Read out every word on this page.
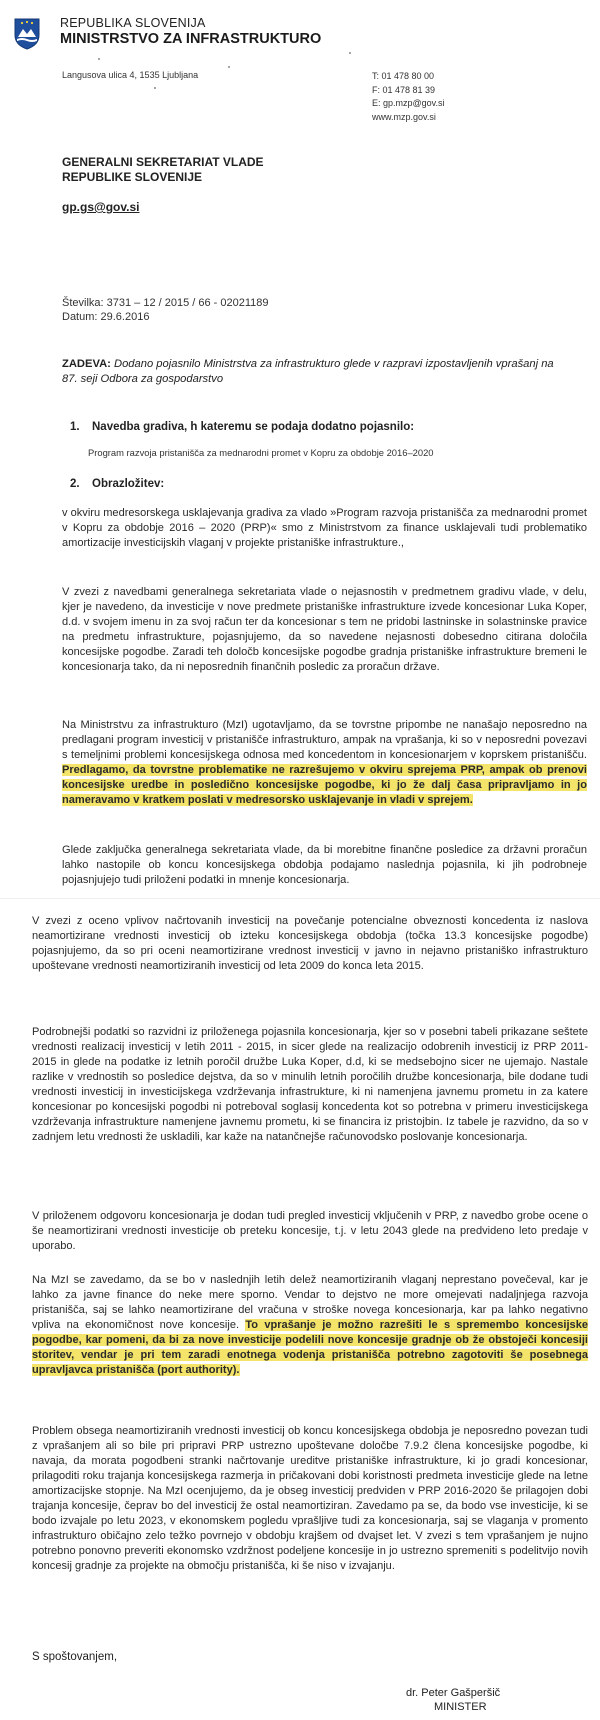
REPUBLIKA SLOVENIJA
MINISTRSTVO ZA INFRASTRUKTURO
Langusova ulica 4, 1535 Ljubljana	T: 01 478 80 00
F: 01 478 81 39
E: gp.mzp@gov.si
www.mzp.gov.si
GENERALNI SEKRETARIAT VLADE
REPUBLIKE SLOVENIJE
gp.gs@gov.si
Številka: 3731 – 12 / 2015 / 66 - 02021189
Datum: 29.6.2016
ZADEVA: Dodano pojasnilo Ministrstva za infrastrukturo glede v razpravi izpostavljenih vprašanj na 87. seji Odbora za gospodarstvo
1. Navedba gradiva, h kateremu se podaja dodatno pojasnilo:
Program razvoja pristanišča za mednarodni promet v Kopru za obdobje 2016–2020
2. Obrazložitev:

v okviru medresorskega usklajevanja gradiva za vlado »Program razvoja pristanišča za mednarodni promet v Kopru za obdobje 2016 – 2020 (PRP)« smo z Ministrstvom za finance usklajevali tudi problematiko amortizacije investicijskih vlaganj v projekte pristaniške infrastrukture.,

V zvezi z navedbami generalnega sekretariata vlade o nejasnostih v predmetnem gradivu vlade, v delu, kjer je navedeno, da investicije v nove predmete pristaniške infrastrukture izvede koncesionar Luka Koper, d.d. v svojem imenu in za svoj račun ter da koncesionar s tem ne pridobi lastninske in solastninske pravice na predmetu infrastrukture, pojasnjujemo, da so navedene nejasnosti dobesedno citirana določila koncesijske pogodbe. Zaradi teh določb koncesijske pogodbe gradnja pristaniške infrastrukture bremeni le koncesionarja tako, da ni neposrednih finančnih posledic za proračun države.

Na Ministrstvu za infrastrukturo (MzI) ugotavljamo, da se tovrstne pripombe ne nanašajo neposredno na predlagani program investicij v pristanišče infrastrukturo, ampak na vprašanja, ki so v neposredni povezavi s temeljnimi problemi koncesijskega odnosa med koncedentom in koncesionarjem v koprskem pristanišču. Predlagamo, da tovrstne problematike ne razrešujemo v okviru sprejema PRP, ampak ob prenovi koncesijske uredbe in posledično koncesijske pogodbe, ki jo že dalj časa pripravljamo in jo nameravamo v kratkem poslati v medresorsko usklajevanje in vladi v sprejem.

Glede zaključka generalnega sekretariata vlade, da bi morebitne finančne posledice za državni proračun lahko nastopile ob koncu koncesijskega obdobja podajamo naslednja pojasnila, ki jih podrobneje pojasnjujejo tudi priloženi podatki in mnenje koncesionarja.

V zvezi z oceno vplivov načrtovanih investicij na povečanje potencialne obveznosti koncedenta iz naslova neamortizirane vrednosti investicij ob izteku koncesijskega obdobja (točka 13.3 koncesijske pogodbe) pojasnjujemo, da so pri oceni neamortizirane vrednost investicij v javno in nejavno pristaniško infrastrukturo upoštevane vrednosti neamortiziranih investicij od leta 2009 do konca leta 2015.

Podrobnejši podatki so razvidni iz priloženega pojasnila koncesionarja, kjer so v posebni tabeli prikazane seštete vrednosti realizacij investicij v letih 2011 - 2015, in sicer glede na realizacijo odobrenih investicij iz PRP 2011-2015 in glede na podatke iz letnih poročil družbe Luka Koper, d.d, ki se medsebojno sicer ne ujemajo. Nastale razlike v vrednostih so posledice dejstva, da so v minulih letnih poročilih družbe koncesionarja, bile dodane tudi vrednosti investicij in investicijskega vzdrževanja infrastrukture, ki ni namenjena javnemu prometu in za katere koncesionar po koncesijski pogodbi ni potreboval soglasij koncedenta kot so potrebna v primeru investicijskega vzdrževanja infrastrukture namenjene javnemu prometu, ki se financira iz pristojbin. Iz tabele je razvidno, da so v zadnjem letu vrednosti že uskladili, kar kaže na natančnejše računovodsko poslovanje koncesionarja.

V priloženem odgovoru koncesionarja je dodan tudi pregled investicij vključenih v PRP, z navedbo grobe ocene o še neamortizirani vrednosti investicije ob preteku koncesije, t.j. v letu 2043 glede na predvideno leto predaje v uporabo.

Na MzI se zavedamo, da se bo v naslednjih letih delež neamortiziranih vlaganj neprestano povečeval, kar je lahko za javne finance do neke mere sporno. Vendar to dejstvo ne more omejevati nadaljnjega razvoja pristanišča, saj se lahko neamortizirane del vračuna v stroške novega koncesionarja, kar pa lahko negativno vpliva na ekonomičnost nove koncesije. To vprašanje je možno razrešiti le s spremembo koncesijske pogodbe, kar pomeni, da bi za nove investicije podelili nove koncesije gradnje ob že obstoječi koncesiji storitev, vendar je pri tem zaradi enotnega vodenja pristanišča potrebno zagotoviti še posebnega upravljavca pristanišča (port authority).

Problem obsega neamortiziranih vrednosti investicij ob koncu koncesijskega obdobja je neposredno povezan tudi z vprašanjem ali so bile pri pripravi PRP ustrezno upoštevane določbe 7.9.2 člena koncesijske pogodbe, ki navaja, da morata pogodbeni stranki načrtovanje ureditve pristaniške infrastrukture, ki jo gradi koncesionar, prilagoditi roku trajanja koncesijskega razmerja in pričakovani dobi koristnosti predmeta investicije glede na letne amortizacijske stopnje. Na MzI ocenjujemo, da je obseg investicij predviden v PRP 2016-2020 še prilagojen dobi trajanja koncesije, čeprav bo del investicij že ostal neamortiziran. Zavedamo pa se, da bodo vse investicije, ki se bodo izvajale po letu 2023, v ekonomskem pogledu vprašljive tudi za koncesionarja, saj se vlaganja v promento infrastrukturo običajno zelo težko povrnejo v obdobju krajšem od dvajset let. V zvezi s tem vprašanjem je nujno potrebno ponovno preveriti ekonomsko vzdržnost podeljene koncesije in jo ustrezno spremeniti s podelitvijo novih koncesij gradnje za projekte na območju pristanišča, ki še niso v izvajanju.

S spoštovanjem,
dr. Peter Gašperšič
MINISTER
